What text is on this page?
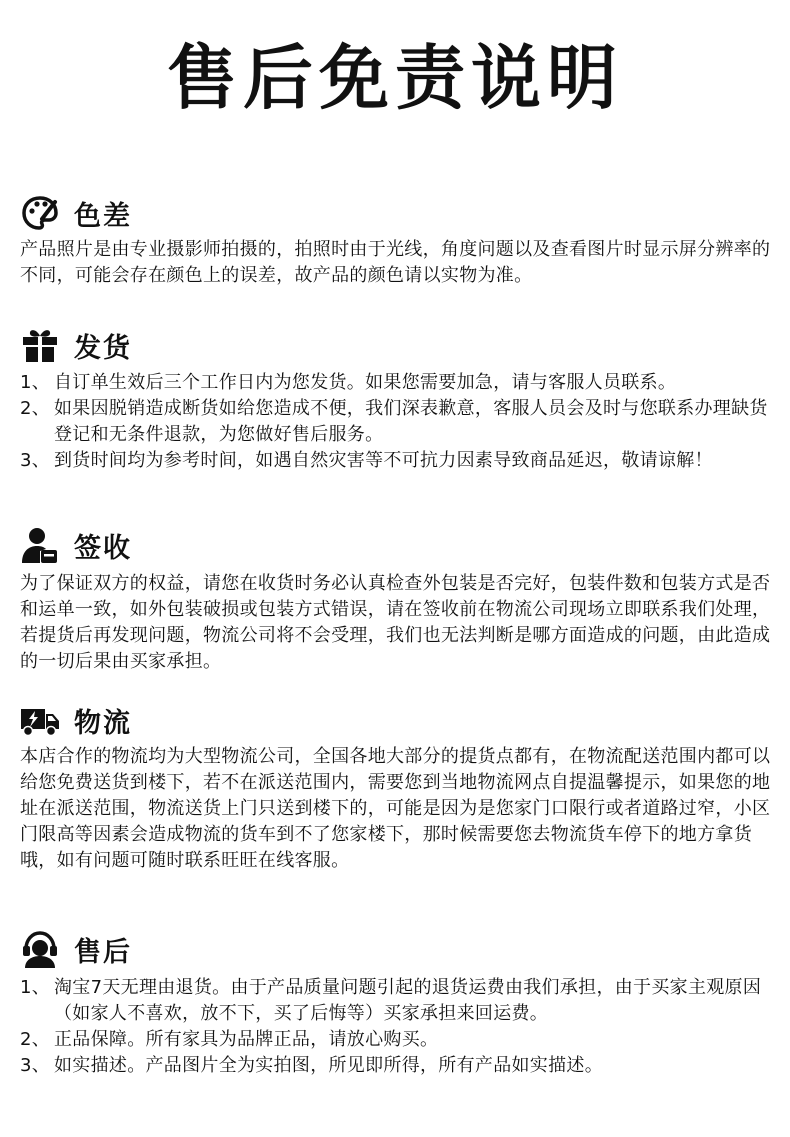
售后免责说明
色差
产品照片是由专业摄影师拍摄的，拍照时由于光线，角度问题以及查看图片时显示屏分辨率的不同，可能会存在颜色上的误差，故产品的颜色请以实物为准。
发货
1、 自订单生效后三个工作日内为您发货。如果您需要加急，请与客服人员联系。
2、 如果因脱销造成断货如给您造成不便，我们深表歉意，客服人员会及时与您联系办理缺货登记和无条件退款，为您做好售后服务。
3、 到货时间均为参考时间，如遇自然灾害等不可抗力因素导致商品延迟，敬请谅解！
签收
为了保证双方的权益，请您在收货时务必认真检查外包装是否完好，包装件数和包装方式是否和运单一致，如外包装破损或包装方式错误，请在签收前在物流公司现场立即联系我们处理，若提货后再发现问题，物流公司将不会受理，我们也无法判断是哪方面造成的问题，由此造成的一切后果由买家承担。
物流
本店合作的物流均为大型物流公司，全国各地大部分的提货点都有，在物流配送范围内都可以给您免费送货到楼下，若不在派送范围内，需要您到当地物流网点自提温馨提示，如果您的地址在派送范围，物流送货上门只送到楼下的，可能是因为是您家门口限行或者道路过窄，小区门限高等因素会造成物流的货车到不了您家楼下，那时候需要您去物流货车停下的地方拿货哦，如有问题可随时联系旺旺在线客服。
售后
1、 淘宝7天无理由退货。由于产品质量问题引起的退货运费由我们承担，由于买家主观原因（如家人不喜欢，放不下，买了后悔等）买家承担来回运费。
2、 正品保障。所有家具为品牌正品，请放心购买。
3、 如实描述。产品图片全为实拍图，所见即所得，所有产品如实描述。
